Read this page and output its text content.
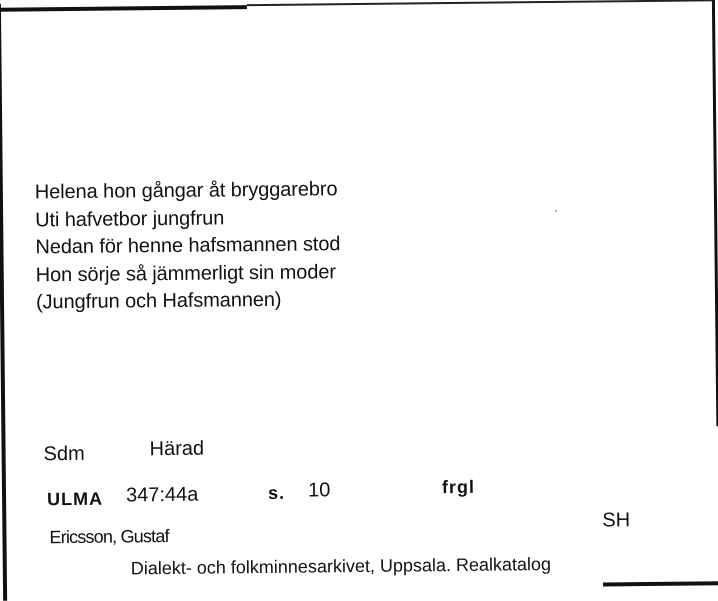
Helena hon gångar åt bryggarebro
Uti hafvetbor jungfrun
Nedan för henne hafsmannen stod
Hon sörje så jämmerligt sin moder
(Jungfrun och Hafsmannen)
Sdm	Härad
ULMA 347:44a	s. 10	frgl
Ericsson, Gustaf
SH
Dialekt- och folkminnesarkivet, Uppsala. Realkatalog
